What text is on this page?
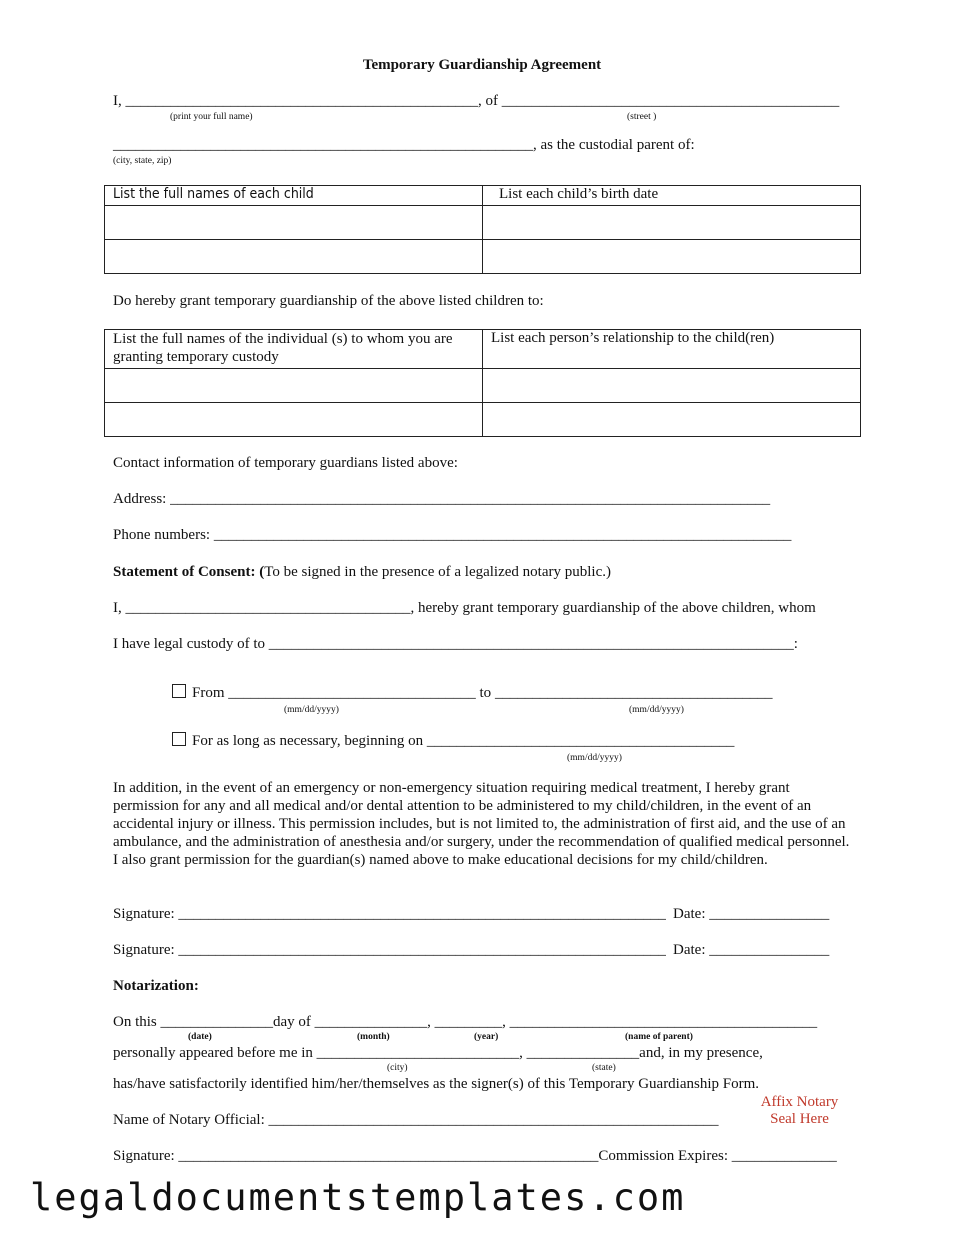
Temporary Guardianship Agreement
I, _______________________________________________, of _____________________________________________
(print your full name)	(street )
________________________________________________________, as the custodial parent of:
(city, state, zip)
List the full names of each child	List each child’s birth date

Do hereby grant temporary guardianship of the above listed children to:
List the full names of the individual (s) to whom you are granting temporary custody	List each person’s relationship to the child(ren)

Contact information of temporary guardians listed above:
Address: ________________________________________________________________________________
Phone numbers: _____________________________________________________________________________
Statement of Consent: (To be signed in the presence of a legalized notary public.)
I, ______________________________________, hereby grant temporary guardianship of the above children, whom
I have legal custody of to ______________________________________________________________________:
From _________________________________ to _____________________________________
(mm/dd/yyyy)	(mm/dd/yyyy)
For as long as necessary, beginning on _________________________________________
(mm/dd/yyyy)
In addition, in the event of an emergency or non-emergency situation requiring medical treatment, I hereby grant permission for any and all medical and/or dental attention to be administered to my child/children, in the event of an accidental injury or illness. This permission includes, but is not limited to, the administration of first aid, and the use of an ambulance, and the administration of anesthesia and/or surgery, under the recommendation of qualified medical personnel. I also grant permission for the guardian(s) named above to make educational decisions for my child/children.
Signature: _________________________________________________________________ Date: ________________
Signature: _________________________________________________________________ Date: ________________
Notarization:
On this _______________day of _______________, _________, _________________________________________
(date)	(month)	(year)	(name of parent)
personally appeared before me in ___________________________, _______________and, in my presence,
(city)	(state)
has/have satisfactorily identified him/her/themselves as the signer(s) of this Temporary Guardianship Form.
Affix Notary
Seal Here
Name of Notary Official: ____________________________________________________________
Signature: ________________________________________________________Commission Expires: ______________
legaldocumentstemplates.com
